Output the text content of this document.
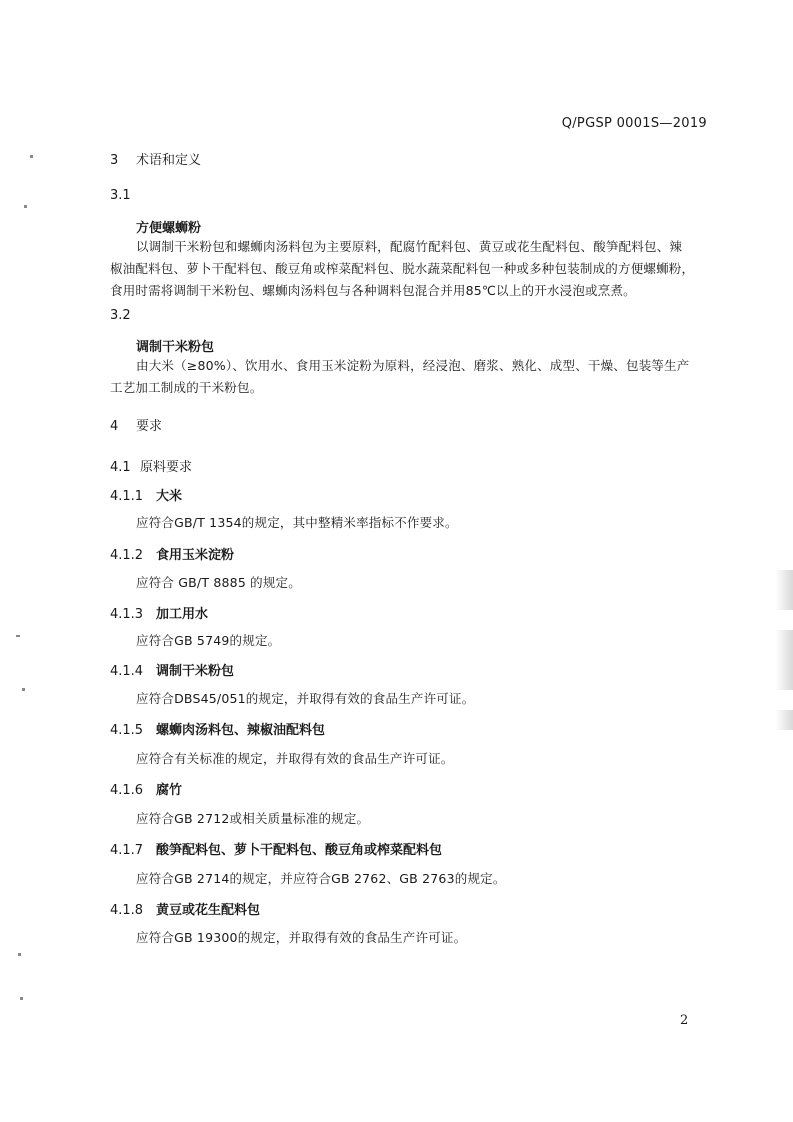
Q/PGSP 0001S—2019
3 术语和定义
3.1
方便螺蛳粉
以调制干米粉包和螺蛳肉汤料包为主要原料，配腐竹配料包、黄豆或花生配料包、酸笋配料包、辣
椒油配料包、萝卜干配料包、酸豆角或榨菜配料包、脱水蔬菜配料包一种或多种包装制成的方便螺蛳粉，
食用时需将调制干米粉包、螺蛳肉汤料包与各种调料包混合并用85℃以上的开水浸泡或烹煮。
3.2
调制干米粉包
由大米（≥80%）、饮用水、食用玉米淀粉为原料，经浸泡、磨浆、熟化、成型、干燥、包装等生产
工艺加工制成的干米粉包。
4 要求
4.1 原料要求
4.1.1 大米
应符合GB/T 1354的规定，其中整精米率指标不作要求。
4.1.2 食用玉米淀粉
应符合 GB/T 8885 的规定。
4.1.3 加工用水
应符合GB 5749的规定。
4.1.4 调制干米粉包
应符合DBS45/051的规定，并取得有效的食品生产许可证。
4.1.5 螺蛳肉汤料包、辣椒油配料包
应符合有关标准的规定，并取得有效的食品生产许可证。
4.1.6 腐竹
应符合GB 2712或相关质量标准的规定。
4.1.7 酸笋配料包、萝卜干配料包、酸豆角或榨菜配料包
应符合GB 2714的规定，并应符合GB 2762、GB 2763的规定。
4.1.8 黄豆或花生配料包
应符合GB 19300的规定，并取得有效的食品生产许可证。
2
